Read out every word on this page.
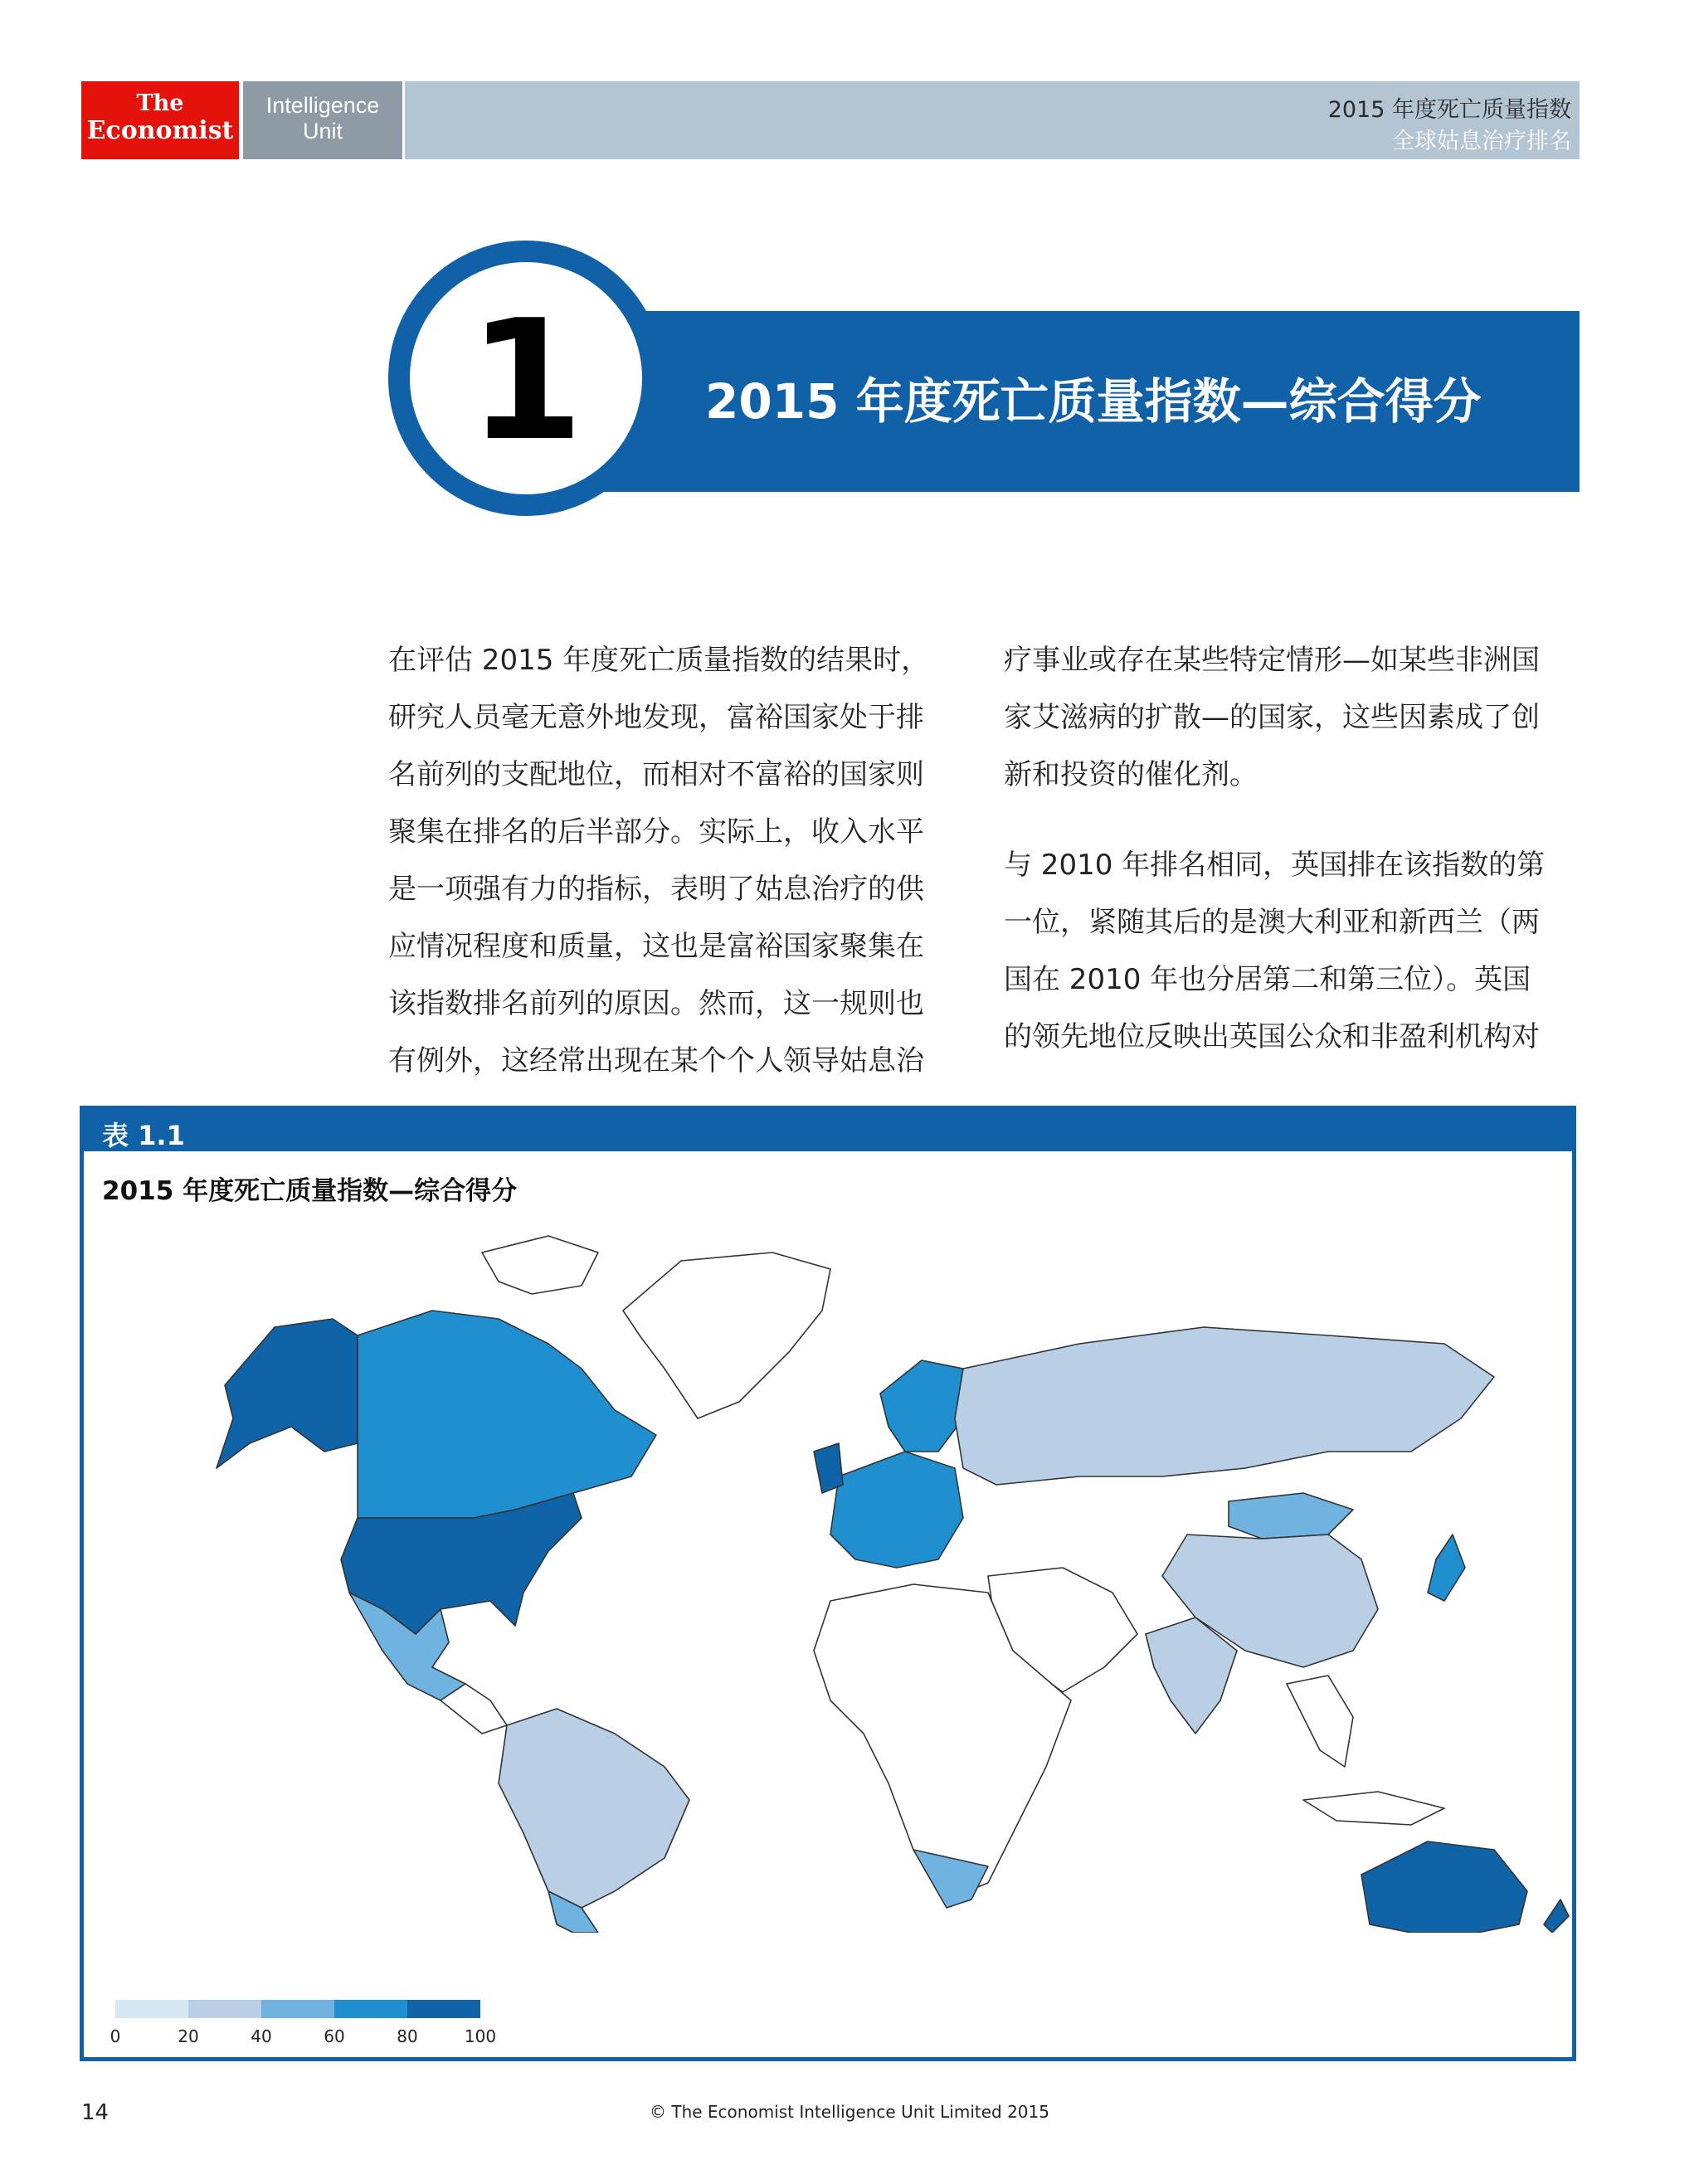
The
Economist
Intelligence
Unit
2015 年度死亡质量指数
全球姑息治疗排名
2015 年度死亡质量指数—综合得分
1

在评估 2015 年度死亡质量指数的结果时，
研究人员毫无意外地发现，富裕国家处于排
名前列的支配地位，而相对不富裕的国家则
聚集在排名的后半部分。实际上，收入水平
是一项强有力的指标，表明了姑息治疗的供
应情况程度和质量，这也是富裕国家聚集在
该指数排名前列的原因。然而，这一规则也
有例外，这经常出现在某个个人领导姑息治

疗事业或存在某些特定情形—如某些非洲国
家艾滋病的扩散—的国家，这些因素成了创
新和投资的催化剂。

与 2010 年排名相同，英国排在该指数的第
一位，紧随其后的是澳大利亚和新西兰（两
国在 2010 年也分居第二和第三位）。英国
的领先地位反映出英国公众和非盈利机构对

表 1.1
2015 年度死亡质量指数—综合得分
0	20	40	60	80	100
14	© The Economist Intelligence Unit Limited 2015
